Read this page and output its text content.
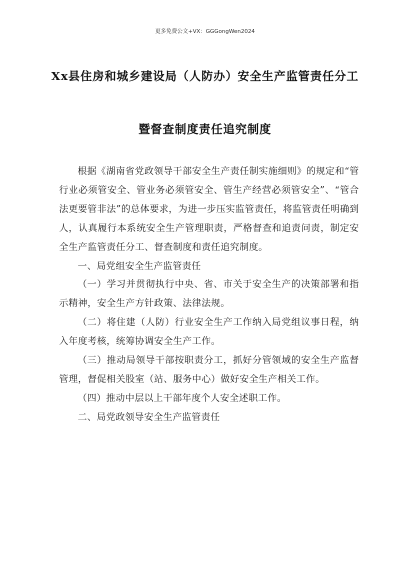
更多免费公文+VX：GGGongWen2024
Xx县住房和城乡建设局（人防办）安全生产监管责任分工
暨督查制度责任追究制度

根据《湖南省党政领导干部安全生产责任制实施细则》的规定和“管行业必须管安全、管业务必须管安全、管生产经营必须管安全”、“管合法更要管非法”的总体要求，为进一步压实监管责任，将监管责任明确到人，认真履行本系统安全生产管理职责，严格督查和追责问责，制定安全生产监管责任分工、督查制度和责任追究制度。

一、局党组安全生产监管责任

（一）学习并贯彻执行中央、省、市关于安全生产的决策部署和指示精神，安全生产方针政策、法律法规。

（二）将住建（人防）行业安全生产工作纳入局党组议事日程，纳入年度考核，统筹协调安全生产工作。

（三）推动局领导干部按职责分工，抓好分管领域的安全生产监督管理，督促相关股室（站、服务中心）做好安全生产相关工作。

（四）推动中层以上干部年度个人安全述职工作。

二、局党政领导安全生产监管责任
